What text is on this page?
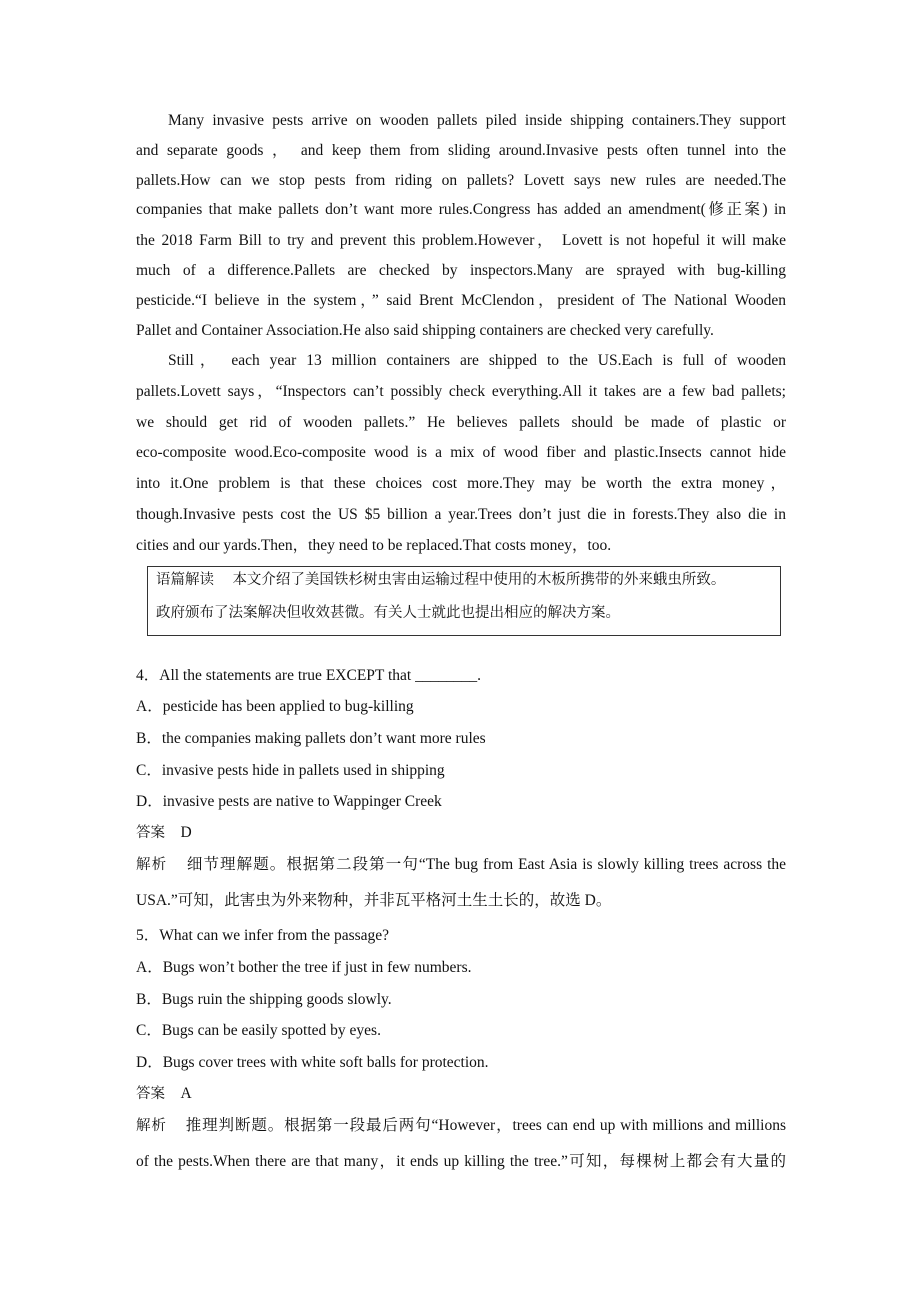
Many invasive pests arrive on wooden pallets piled inside shipping containers.They support
and separate goods ， and keep them from sliding around.Invasive pests often tunnel into the
pallets.How can we stop pests from riding on pallets? Lovett says new rules are needed.The
companies that make pallets don’t want more rules.Congress has added an amendment(修正案) in
the 2018 Farm Bill to try and prevent this problem.However， Lovett is not hopeful it will make
much of a difference.Pallets are checked by inspectors.Many are sprayed with bug-killing
pesticide.“I believe in the system，” said Brent McClendon，president of The National Wooden
Pallet and Container Association.He also said shipping containers are checked very carefully.
Still， each year 13 million containers are shipped to the US.Each is full of wooden
pallets.Lovett says，“Inspectors can’t possibly check everything.All it takes are a few bad pallets;
we should get rid of wooden pallets.” He believes pallets should be made of plastic or
eco-composite wood.Eco-composite wood is a mix of wood fiber and plastic.Insects cannot hide
into it.One problem is that these choices cost more.They may be worth the extra money，
though.Invasive pests cost the US $5 billion a year.Trees don’t just die in forests.They also die in
cities and our yards.Then，they need to be replaced.That costs money，too.
语篇解读 本文介绍了美国铁杉树虫害由运输过程中使用的木板所携带的外来蛾虫所致。
政府颁布了法案解决但收效甚微。有关人士就此也提出相应的解决方案。
4．All the statements are true EXCEPT that ________.
A．pesticide has been applied to bug-killing
B．the companies making pallets don’t want more rules
C．invasive pests hide in pallets used in shipping
D．invasive pests are native to Wappinger Creek
答案 D
解析 细节理解题。根据第二段第一句“The bug from East Asia is slowly killing trees across the
USA.”可知，此害虫为外来物种，并非瓦平格河土生土长的，故选 D。
5．What can we infer from the passage?
A．Bugs won’t bother the tree if just in few numbers.
B．Bugs ruin the shipping goods slowly.
C．Bugs can be easily spotted by eyes.
D．Bugs cover trees with white soft balls for protection.
答案 A
解析 推理判断题。根据第一段最后两句“However，trees can end up with millions and millions
of the pests.When there are that many，it ends up killing the tree.”可知，每棵树上都会有大量的
